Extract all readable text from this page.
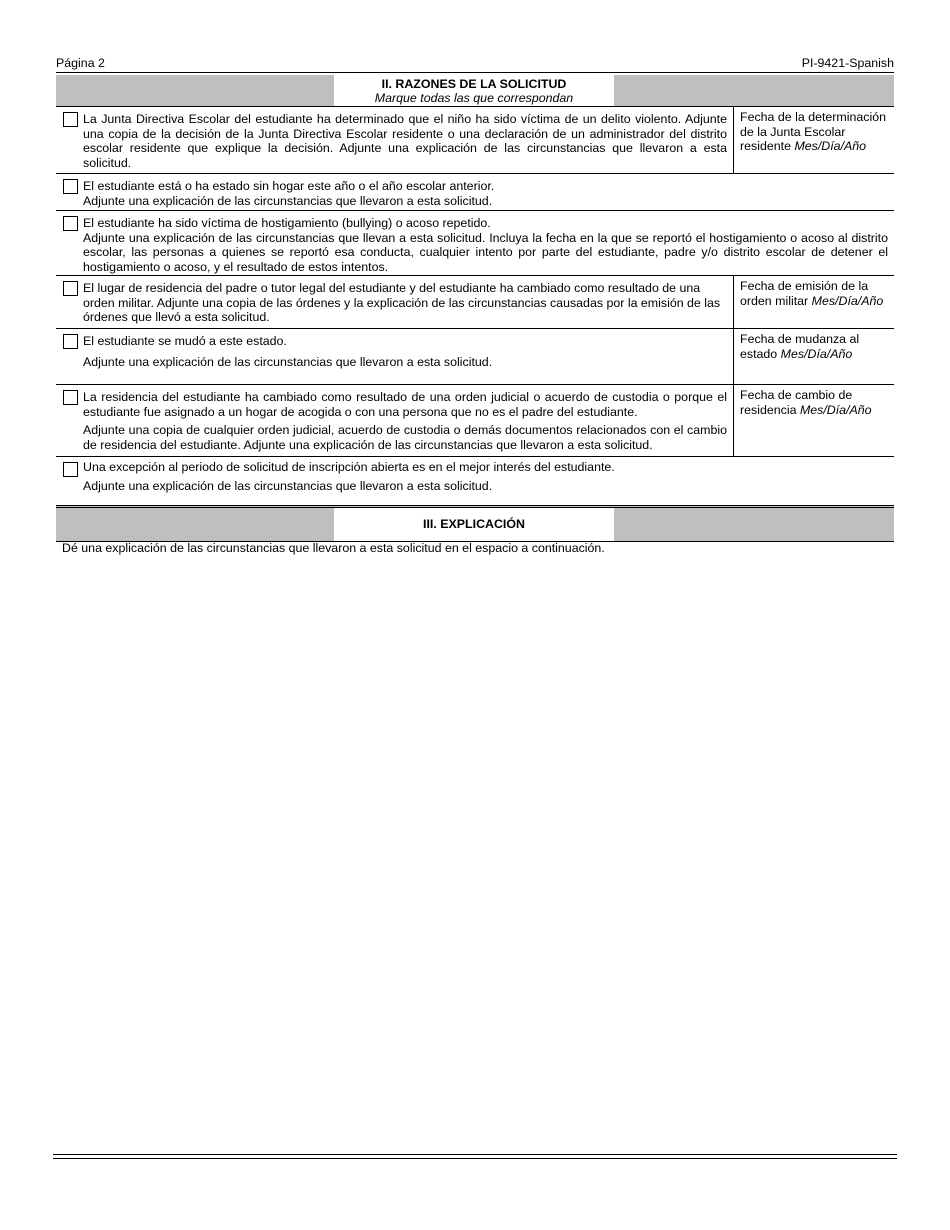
Página 2	PI-9421-Spanish
II. RAZONES DE LA SOLICITUD
Marque todas las que correspondan
La Junta Directiva Escolar del estudiante ha determinado que el niño ha sido víctima de un delito violento. Adjunte una copia de la decisión de la Junta Directiva Escolar residente o una declaración de un administrador del distrito escolar residente que explique la decisión. Adjunte una explicación de las circunstancias que llevaron a esta solicitud.
Fecha de la determinación de la Junta Escolar residente Mes/Día/Año

El estudiante está o ha estado sin hogar este año o el año escolar anterior.

Adjunte una explicación de las circunstancias que llevaron a esta solicitud.

El estudiante ha sido víctima de hostigamiento (bullying) o acoso repetido.

Adjunte una explicación de las circunstancias que llevan a esta solicitud. Incluya la fecha en la que se reportó el hostigamiento o acoso al distrito escolar, las personas a quienes se reportó esa conducta, cualquier intento por parte del estudiante, padre y/o distrito escolar de detener el hostigamiento o acoso, y el resultado de estos intentos.

El lugar de residencia del padre o tutor legal del estudiante y del estudiante ha cambiado como resultado de una orden militar. Adjunte una copia de las órdenes y la explicación de las circunstancias causadas por la emisión de las órdenes que llevó a esta solicitud.
Fecha de emisión de la orden militar Mes/Día/Año

El estudiante se mudó a este estado.

Adjunte una explicación de las circunstancias que llevaron a esta solicitud.

Fecha de mudanza al estado Mes/Día/Año

La residencia del estudiante ha cambiado como resultado de una orden judicial o acuerdo de custodia o porque el estudiante fue asignado a un hogar de acogida o con una persona que no es el padre del estudiante.

Adjunte una copia de cualquier orden judicial, acuerdo de custodia o demás documentos relacionados con el cambio de residencia del estudiante. Adjunte una explicación de las circunstancias que llevaron a esta solicitud.

Fecha de cambio de residencia Mes/Día/Año

Una excepción al periodo de solicitud de inscripción abierta es en el mejor interés del estudiante.

Adjunte una explicación de las circunstancias que llevaron a esta solicitud.

III. EXPLICACIÓN
Dé una explicación de las circunstancias que llevaron a esta solicitud en el espacio a continuación.
